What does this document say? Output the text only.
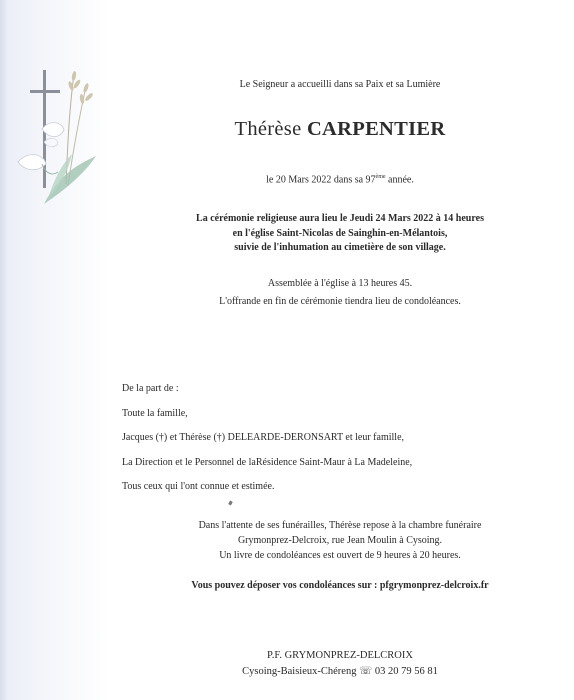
Le Seigneur a accueilli dans sa Paix et sa Lumière
Thérèse CARPENTIER
le 20 Mars 2022 dans sa 97ème année.
La cérémonie religieuse aura lieu le Jeudi 24 Mars 2022 à 14 heures
en l'église Saint-Nicolas de Sainghin-en-Mélantois,
suivie de l'inhumation au cimetière de son village.
Assemblée à l'église à 13 heures 45.
L'offrande en fin de cérémonie tiendra lieu de condoléances.
De la part de :
Toute la famille,
Jacques (†) et Thérèse (†) DELEARDE-DERONSART et leur famille,
La Direction et le Personnel de laRésidence Saint-Maur à La Madeleine,
Tous ceux qui l'ont connue et estimée.
Dans l'attente de ses funérailles, Thérèse repose à la chambre funéraire
Grymonprez-Delcroix, rue Jean Moulin à Cysoing.
Un livre de condoléances est ouvert de 9 heures à 20 heures.
Vous pouvez déposer vos condoléances sur : pfgrymonprez-delcroix.fr
P.F. GRYMONPREZ-DELCROIX
Cysoing-Baisieux-Chéreng ☏ 03 20 79 56 81
